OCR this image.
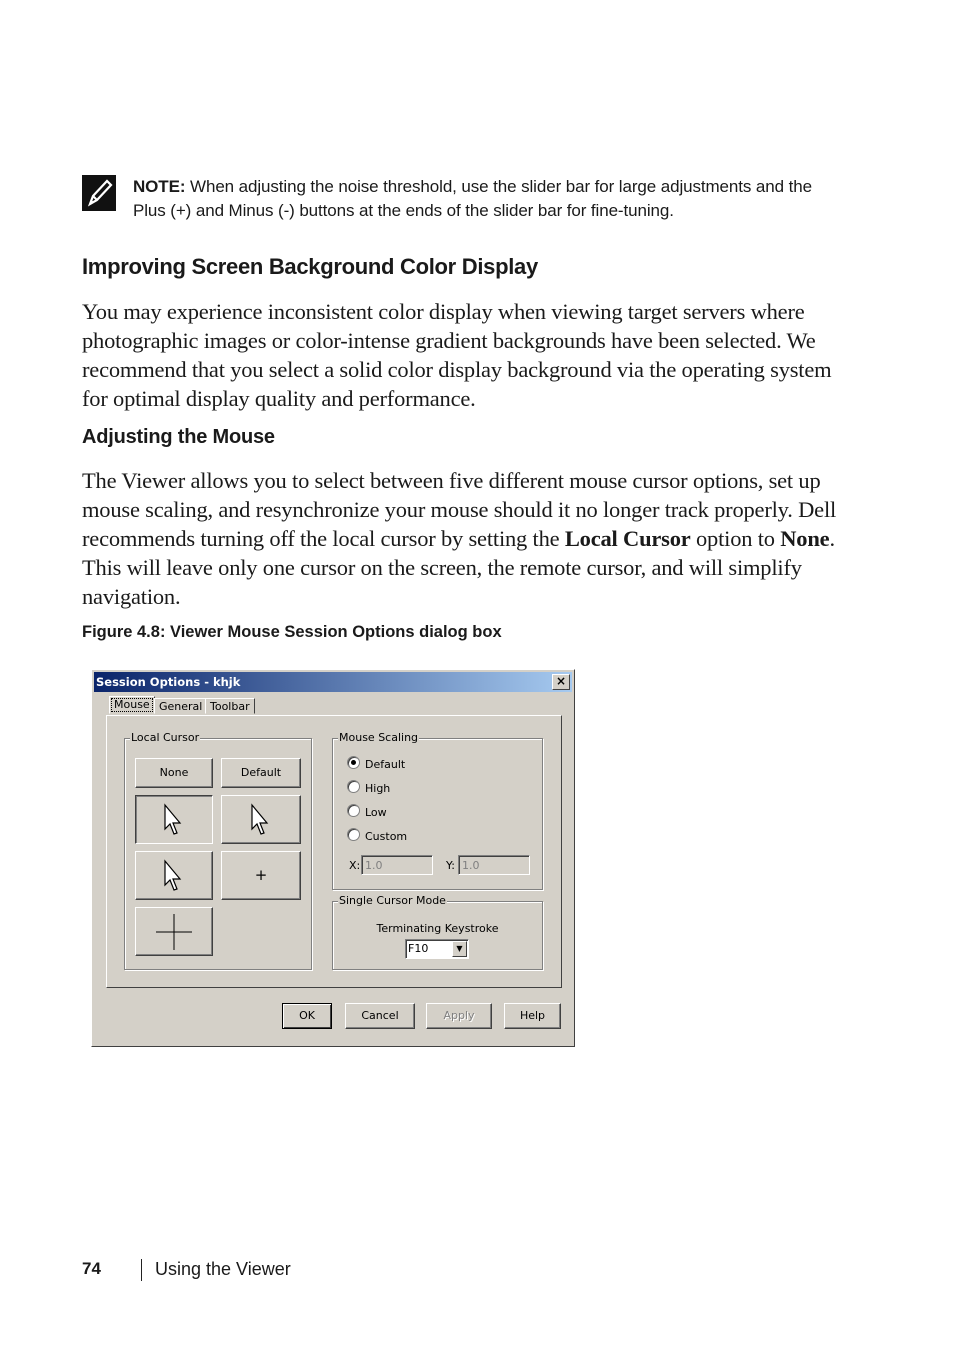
NOTE: When adjusting the noise threshold, use the slider bar for large adjustments and the Plus (+) and Minus (-) buttons at the ends of the slider bar for fine-tuning.
Improving Screen Background Color Display
You may experience inconsistent color display when viewing target servers where photographic images or color-intense gradient backgrounds have been selected. We recommend that you select a solid color display background via the operating system for optimal display quality and performance.
Adjusting the Mouse
The Viewer allows you to select between five different mouse cursor options, set up mouse scaling, and resynchronize your mouse should it no longer track properly. Dell recommends turning off the local cursor by setting the Local Cursor option to None. This will leave only one cursor on the screen, the remote cursor, and will simplify navigation.
Figure 4.8: Viewer Mouse Session Options dialog box
Session Options - khjk	×
Mouse General Toolbar
Local Cursor
None	Default
+
Mouse Scaling
Default
High
Low
Custom
X: 1.0	Y: 1.0
Single Cursor Mode
Terminating Keystroke
F10	▼
OK	Cancel	Apply	Help
74	Using the Viewer
